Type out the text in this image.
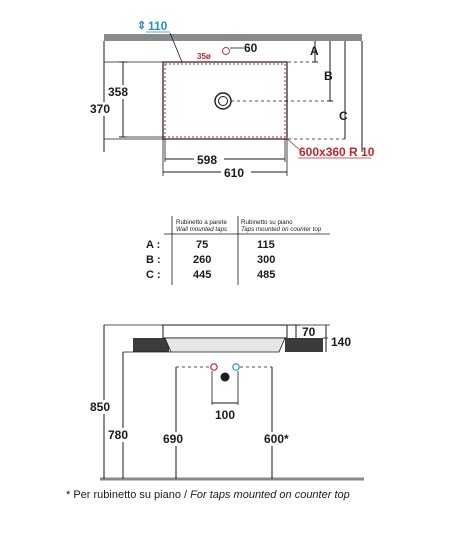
⇕ 110
35ø
60	A
B
C
358
370
598
610
600x360 R 10
Rubinetto a parete
Wall mounted taps
Rubinetto su piano
Taps mounted on counter top
A :	75	115
B :	260	300
C :	445	485
70
140
850
780	690
100
600*
* Per rubinetto su piano / For taps mounted on counter top
